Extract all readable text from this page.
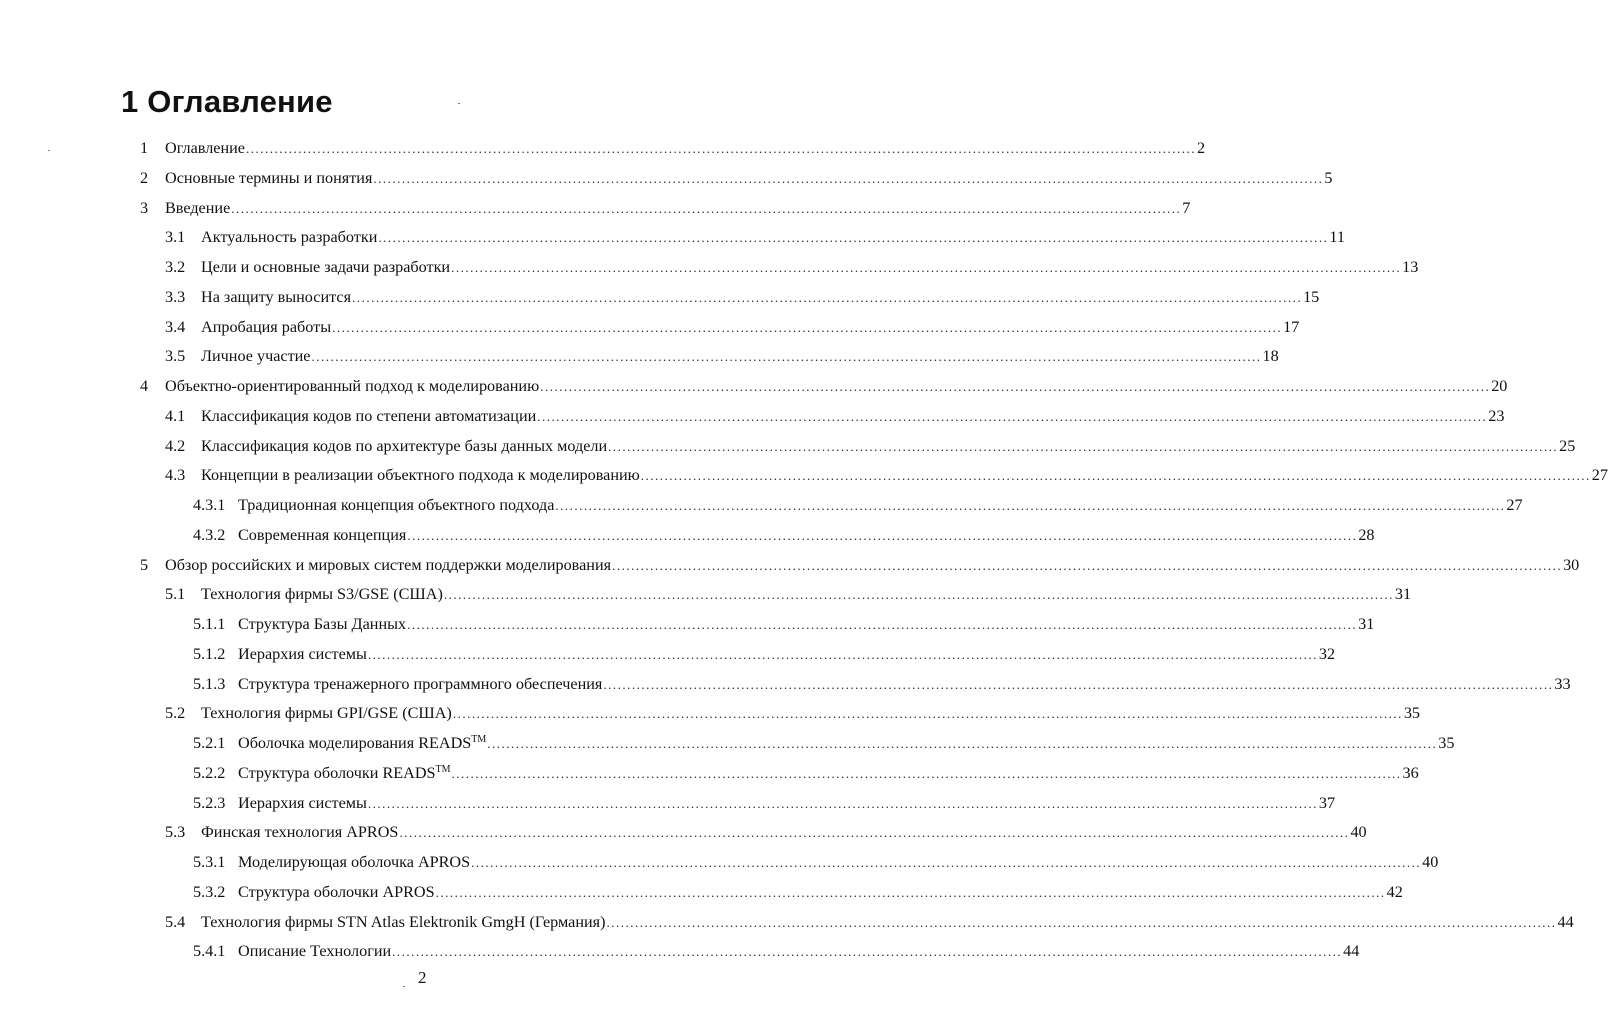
1 Оглавление
1	Оглавление ........................................................................................................................................................................................................ 2
2	Основные термины и понятия ........................................................................................................................................................................................................ 5
3	Введение ........................................................................................................................................................................................................ 7
3.1 Актуальность разработки ........................................................................................................................................................................................................ 11
3.2 Цели и основные задачи разработки ........................................................................................................................................................................................................ 13
3.3 На защиту выносится ........................................................................................................................................................................................................ 15
3.4 Апробация работы ........................................................................................................................................................................................................ 17
3.5 Личное участие ........................................................................................................................................................................................................ 18
4	Объектно-ориентированный подход к моделированию ........................................................................................................................................................................................................ 20
4.1 Классификация кодов по степени автоматизации ........................................................................................................................................................................................................ 23
4.2 Классификация кодов по архитектуре базы данных модели ........................................................................................................................................................................................................ 25
4.3 Концепции в реализации объектного подхода к моделированию ........................................................................................................................................................................................................ 27
4.3.1 Традиционная концепция объектного подхода ........................................................................................................................................................................................................ 27
4.3.2 Современная концепция ........................................................................................................................................................................................................ 28
5	Обзор российских и мировых систем поддержки моделирования ........................................................................................................................................................................................................ 30
5.1 Технология фирмы S3/GSE (США) ........................................................................................................................................................................................................ 31
5.1.1 Структура Базы Данных ........................................................................................................................................................................................................ 31
5.1.2 Иерархия системы ........................................................................................................................................................................................................ 32
5.1.3 Структура тренажерного программного обеспечения ........................................................................................................................................................................................................ 33
5.2 Технология фирмы GPI/GSE (США) ........................................................................................................................................................................................................ 35
5.2.1 Оболочка моделирования READS™ ........................................................................................................................................................................................................ 35
5.2.2 Структура оболочки READS™ ........................................................................................................................................................................................................ 36
5.2.3 Иерархия системы ........................................................................................................................................................................................................ 37
5.3 Финская технология APROS ........................................................................................................................................................................................................ 40
5.3.1 Моделирующая оболочка APROS ........................................................................................................................................................................................................ 40
5.3.2 Структура оболочки APROS ........................................................................................................................................................................................................ 42
5.4 Технология фирмы STN Atlas Elektronik GmgH (Германия) ........................................................................................................................................................................................................ 44
5.4.1 Описание Технологии ........................................................................................................................................................................................................ 44
2
